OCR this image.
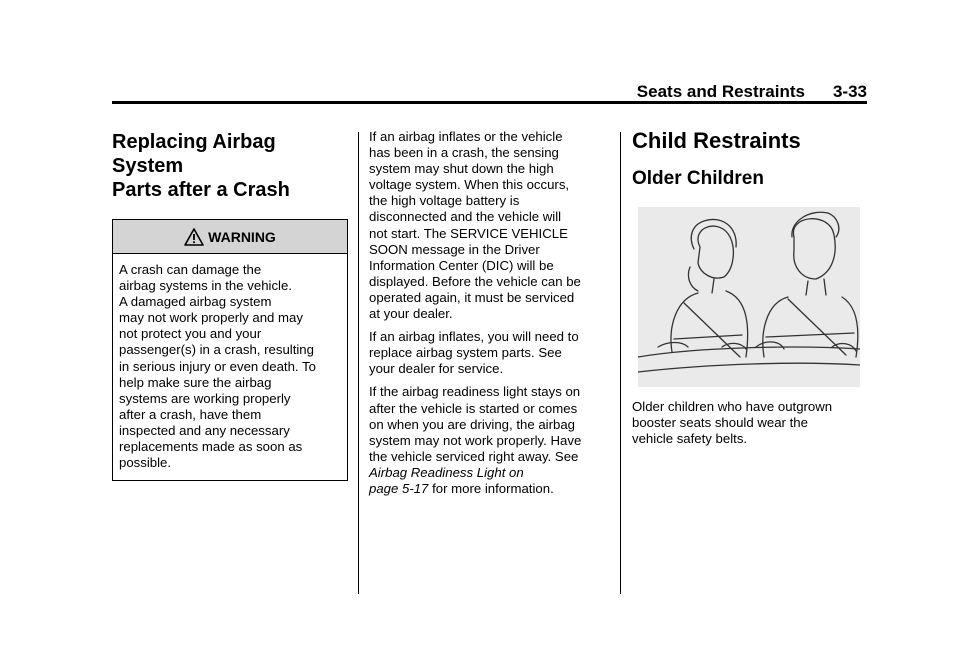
Seats and Restraints 3-33
Replacing Airbag System
Parts after a Crash
WARNING
A crash can damage the
airbag systems in the vehicle.
A damaged airbag system
may not work properly and may
not protect you and your
passenger(s) in a crash, resulting
in serious injury or even death. To
help make sure the airbag
systems are working properly
after a crash, have them
inspected and any necessary
replacements made as soon as
possible.

If an airbag inflates or the vehicle
has been in a crash, the sensing
system may shut down the high
voltage system. When this occurs,
the high voltage battery is
disconnected and the vehicle will
not start. The SERVICE VEHICLE
SOON message in the Driver
Information Center (DIC) will be
displayed. Before the vehicle can be
operated again, it must be serviced
at your dealer.

If an airbag inflates, you will need to
replace airbag system parts. See
your dealer for service.

If the airbag readiness light stays on
after the vehicle is started or comes
on when you are driving, the airbag
system may not work properly. Have
the vehicle serviced right away. See
Airbag Readiness Light on
page 5-17 for more information.

Child Restraints
Older Children

Older children who have outgrown
booster seats should wear the
vehicle safety belts.
